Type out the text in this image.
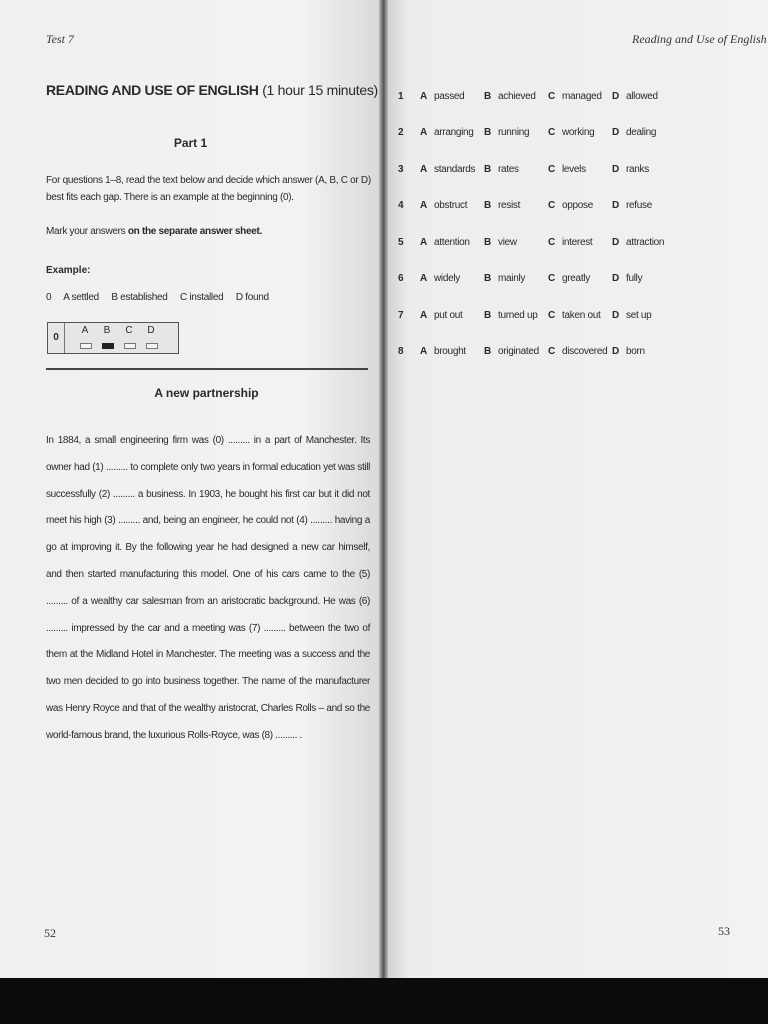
Test 7
READING AND USE OF ENGLISH (1 hour 15 minutes)
Part 1
For questions 1–8, read the text below and decide which answer (A, B, C or D) best fits each gap. There is an example at the beginning (0).
Mark your answers on the separate answer sheet.
Example:
0 A settled B established C installed D found
0
A	B	C	D
A new partnership
In 1884, a small engineering firm was (0) ......... in a part of Manchester. Its owner had (1) ......... to complete only two years in formal education yet was still successfully (2) ......... a business. In 1903, he bought his first car but it did not meet his high (3) ......... and, being an engineer, he could not (4) ......... having a go at improving it. By the following year he had designed a new car himself, and then started manufacturing this model. One of his cars came to the (5) ......... of a wealthy car salesman from an aristocratic background. He was (6) ......... impressed by the car and a meeting was (7) ......... between the two of them at the Midland Hotel in Manchester. The meeting was a success and the two men decided to go into business together. The name of the manufacturer was Henry Royce and that of the wealthy aristocrat, Charles Rolls – and so the world-famous brand, the luxurious Rolls-Royce, was (8) ......... .
52
Reading and Use of English
1	A	passed	B	achieved	C	managed	D	allowed
2	A	arranging	B	running	C	working	D	dealing
3	A	standards	B	rates	C	levels	D	ranks
4	A	obstruct	B	resist	C	oppose	D	refuse
5	A	attention	B	view	C	interest	D	attraction
6	A	widely	B	mainly	C	greatly	D	fully
7	A	put out	B	turned up	C	taken out	D	set up
8	A	brought	B	originated	C	discovered	D	born
53
